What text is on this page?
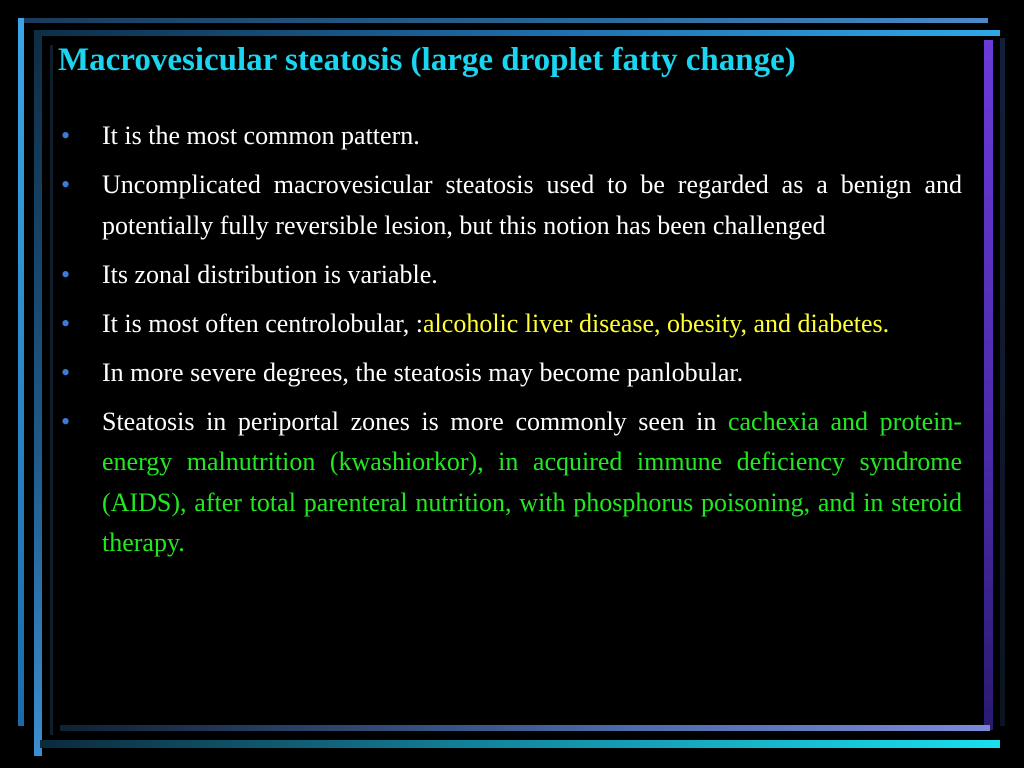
Macrovesicular steatosis (large droplet fatty change)
• It is the most common pattern.
• Uncomplicated macrovesicular steatosis used to be regarded as a benign and potentially fully reversible lesion, but this notion has been challenged
• Its zonal distribution is variable.
• It is most often centrolobular, :alcoholic liver disease, obesity, and diabetes.
• In more severe degrees, the steatosis may become panlobular.
• Steatosis in periportal zones is more commonly seen in cachexia and protein-energy malnutrition (kwashiorkor), in acquired immune deficiency syndrome (AIDS), after total parenteral nutrition, with phosphorus poisoning, and in steroid therapy.
